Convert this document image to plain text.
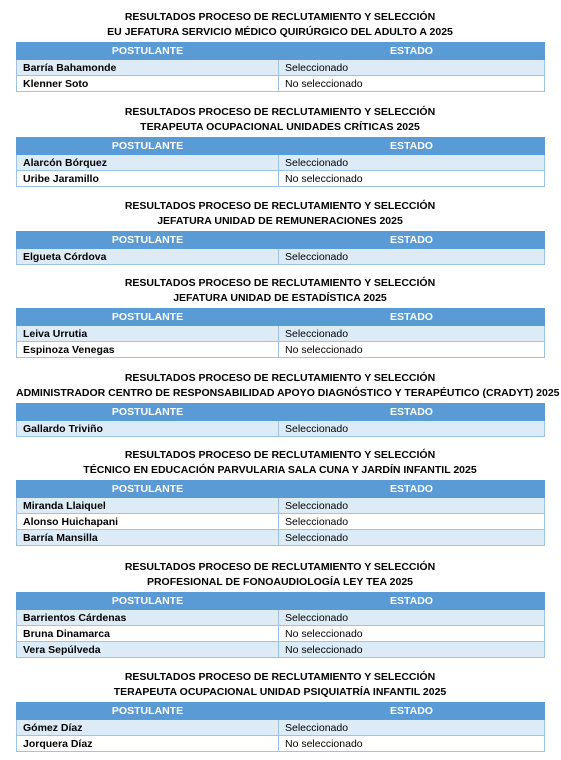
RESULTADOS PROCESO DE RECLUTAMIENTO Y SELECCIÓN
EU JEFATURA SERVICIO MÉDICO QUIRÚRGICO DEL ADULTO A 2025
POSTULANTE	ESTADO
Barría Bahamonde	Seleccionado
Klenner Soto	No seleccionado
RESULTADOS PROCESO DE RECLUTAMIENTO Y SELECCIÓN
TERAPEUTA OCUPACIONAL UNIDADES CRÍTICAS 2025
POSTULANTE	ESTADO
Alarcón Bórquez	Seleccionado
Uribe Jaramillo	No seleccionado
RESULTADOS PROCESO DE RECLUTAMIENTO Y SELECCIÓN
JEFATURA UNIDAD DE REMUNERACIONES 2025
POSTULANTE	ESTADO
Elgueta Córdova	Seleccionado
RESULTADOS PROCESO DE RECLUTAMIENTO Y SELECCIÓN
JEFATURA UNIDAD DE ESTADÍSTICA 2025
POSTULANTE	ESTADO
Leiva Urrutia	Seleccionado
Espinoza Venegas	No seleccionado
RESULTADOS PROCESO DE RECLUTAMIENTO Y SELECCIÓN
ADMINISTRADOR CENTRO DE RESPONSABILIDAD APOYO DIAGNÓSTICO Y TERAPÉUTICO (CRADYT) 2025
POSTULANTE	ESTADO
Gallardo Triviño	Seleccionado
RESULTADOS PROCESO DE RECLUTAMIENTO Y SELECCIÓN
TÉCNICO EN EDUCACIÓN PARVULARIA SALA CUNA Y JARDÍN INFANTIL 2025
POSTULANTE	ESTADO
Miranda Llaiquel	Seleccionado
Alonso Huichapani	Seleccionado
Barría Mansilla	Seleccionado
RESULTADOS PROCESO DE RECLUTAMIENTO Y SELECCIÓN
PROFESIONAL DE FONOAUDIOLOGÍA LEY TEA 2025
POSTULANTE	ESTADO
Barrientos Cárdenas	Seleccionado
Bruna Dinamarca	No seleccionado
Vera Sepúlveda	No seleccionado
RESULTADOS PROCESO DE RECLUTAMIENTO Y SELECCIÓN
TERAPEUTA OCUPACIONAL UNIDAD PSIQUIATRÍA INFANTIL 2025
POSTULANTE	ESTADO
Gómez Díaz	Seleccionado
Jorquera Díaz	No seleccionado
